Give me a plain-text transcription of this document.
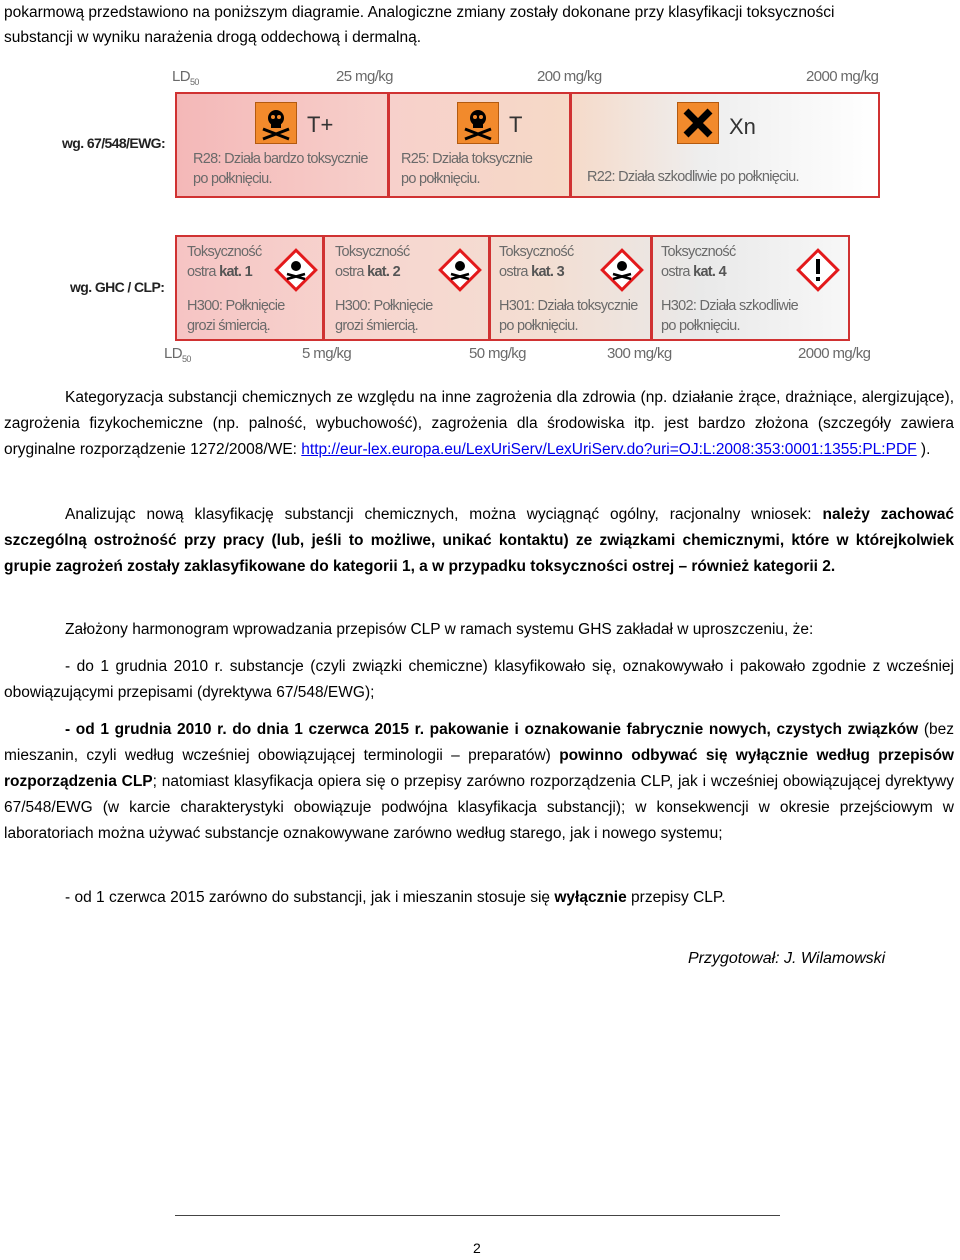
pokarmową przedstawiono na poniższym diagramie. Analogiczne zmiany zostały dokonane przy klasyfikacji toksyczności

substancji w wyniku narażenia drogą oddechową i dermalną.

$LD_{50}$	25 mg/kg	200 mg/kg	2000 mg/kg
wg. 67/548/EWG:
wg. GHC / CLP:
T+
R28: Działa bardzo toksycznie
po połknięciu.
T
R25: Działa toksycznie
po połknięciu.
Xn
R22: Działa szkodliwie po połknięciu.
Toksyczność
ostra kat. 1
H300: Połknięcie
grozi śmiercią.
Toksyczność
ostra kat. 2
H300: Połknięcie
grozi śmiercią.
Toksyczność
ostra kat. 3
H301: Działa toksycznie
po połknięciu.
Toksyczność
ostra kat. 4
H302: Działa szkodliwie
po połknięciu.
$LD_{50}$	5 mg/kg	50 mg/kg	300 mg/kg	2000 mg/kg

Kategoryzacja substancji chemicznych ze względu na inne zagrożenia dla zdrowia (np. działanie żrące, drażniące, alergizujące), zagrożenia fizykochemiczne (np. palność, wybuchowość), zagrożenia dla środowiska itp. jest bardzo złożona (szczegóły zawiera oryginalne rozporządzenie 1272/2008/WE: http://eur-lex.europa.eu/LexUriServ/LexUriServ.do?uri=OJ:L:2008:353:0001:1355:PL:PDF ).

Analizując nową klasyfikację substancji chemicznych, można wyciągnąć ogólny, racjonalny wniosek: należy zachować szczególną ostrożność przy pracy (lub, jeśli to możliwe, unikać kontaktu) ze związkami chemicznymi, które w którejkolwiek grupie zagrożeń zostały zaklasyfikowane do kategorii 1, a w przypadku toksyczności ostrej – również kategorii 2.

Założony harmonogram wprowadzania przepisów CLP w ramach systemu GHS zakładał w uproszczeniu, że:

- do 1 grudnia 2010 r. substancje (czyli związki chemiczne) klasyfikowało się, oznakowywało i pakowało zgodnie z wcześniej obowiązującymi przepisami (dyrektywa 67/548/EWG);

- od 1 grudnia 2010 r. do dnia 1 czerwca 2015 r. pakowanie i oznakowanie fabrycznie nowych, czystych związków (bez mieszanin, czyli według wcześniej obowiązującej terminologii – preparatów) powinno odbywać się wyłącznie według przepisów rozporządzenia CLP; natomiast klasyfikacja opiera się o przepisy zarówno rozporządzenia CLP, jak i wcześniej obowiązującej dyrektywy 67/548/EWG (w karcie charakterystyki obowiązuje podwójna klasyfikacja substancji); w konsekwencji w okresie przejściowym w laboratoriach można używać substancje oznakowywane zarówno według starego, jak i nowego systemu;

- od 1 czerwca 2015 zarówno do substancji, jak i mieszanin stosuje się wyłącznie przepisy CLP.

Przygotował: J. Wilamowski
2
